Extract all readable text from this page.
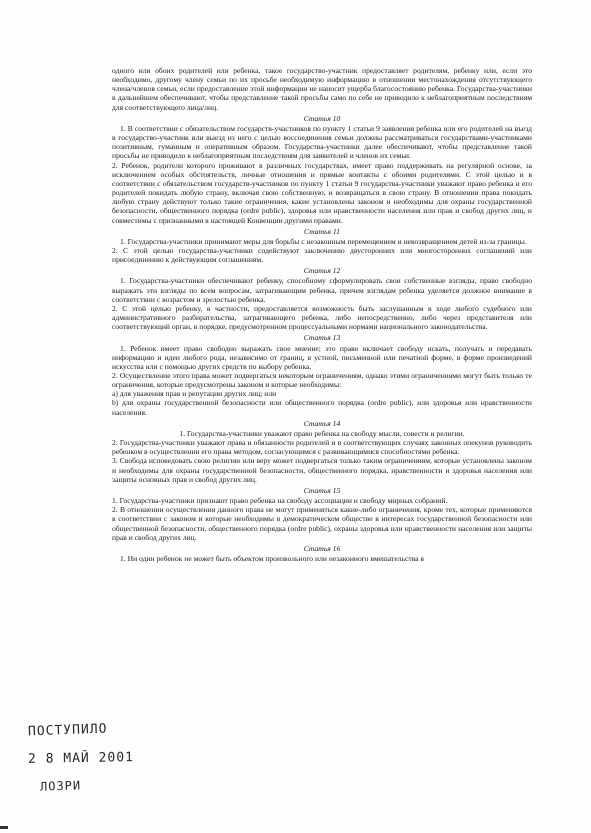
одного или обоих родителей или ребенка, такое государство-участник предоставляет родителям, ребенку или, если это необходимо, другому члену семьи по их просьбе необходимую информацию в отношении местонахождения отсутствующего члена/членов семьи, если предоставление этой информации не наносит ущерба благосостоянию ребенка. Государства-участники в дальнейшем обеспечивают, чтобы представление такой просьбы само по себе не приводило к неблагоприятным последствиям для соответствующего лица/лиц.

Статья 10

1. В соответствии с обязательством государств-участников по пункту 1 статьи 9 заявления ребенка или его родителей на въезд в государство-участник или выезд из него с целью воссоединения семьи должны рассматриваться государствами-участниками позитивным, гуманным и оперативным образом. Государства-участники далее обеспечивают, чтобы представление такой просьбы не приводило к неблагоприятным последствиям для заявителей и членов их семьи.

2. Ребенок, родители которого проживают в различных государствах, имеет право поддерживать на регулярной основе, за исключением особых обстоятельств, личные отношения и прямые контакты с обоими родителями. С этой целью и в соответствии с обязательством государств-участников по пункту 1 статьи 9 государства-участники уважают право ребенка и его родителей покидать любую страну, включая свою собственную, и возвращаться в свою страну. В отношении права покидать любую страну действуют только такие ограничения, какие установлены законом и необходимы для охраны государственной безопасности, общественного порядка (ordre public), здоровья или нравственности населения или прав и свобод других лиц, и совместимы с признанными в настоящей Конвенции другими правами.

Статья 11

1. Государства-участники принимают меры для борьбы с незаконным перемещением и невозвращением детей из-за границы.

2. С этой целью государства-участники содействуют заключению двусторонних или многосторонних соглашений или присоединению к действующим соглашениям.

Статья 12

1. Государства-участники обеспечивают ребенку, способному сформулировать свои собственные взгляды, право свободно выражать эти взгляды по всем вопросам, затрагивающим ребенка, причем взглядам ребенка уделяется должное внимание в соответствии с возрастом и зрелостью ребенка.

2. С этой целью ребенку, в частности, предоставляется возможность быть заслушанным в ходе любого судебного или административного разбирательства, затрагивающего ребенка, либо непосредственно, либо через представителя или соответствующий орган, в порядке, предусмотренном процессуальными нормами национального законодательства.

Статья 13

1. Ребенок имеет право свободно выражать свое мнение; это право включает свободу искать, получать и передавать информацию и идеи любого рода, независимо от границ, в устной, письменной или печатной форме, в форме произведений искусства или с помощью других средств по выбору ребенка.

2. Осуществление этого права может подвергаться некоторым ограничениям, однако этими ограничениями могут быть только те ограничения, которые предусмотрены законом и которые необходимы:

a) для уважения прав и репутации других лиц; или

b) для охраны государственной безопасности или общественного порядка (ordre public), или здоровья или нравственности населения.

Статья 14

1. Государства-участники уважают право ребенка на свободу мысли, совести и религии.

2. Государства-участники уважают права и обязанности родителей и в соответствующих случаях законных опекунов руководить ребенком в осуществлении его права методом, согласующимся с развивающимися способностями ребенка.

3. Свобода исповедовать свою религию или веру может подвергаться только таким ограничениям, которые установлены законом и необходимы для охраны государственной безопасности, общественного порядка, нравственности и здоровья населения или защиты основных прав и свобод других лиц.

Статья 15

1. Государства-участники признают право ребенка на свободу ассоциации и свободу мирных собраний.

2. В отношении осуществления данного права не могут применяться какие-либо ограничения, кроме тех, которые применяются в соответствии с законом и которые необходимы в демократическом обществе в интересах государственной безопасности или общественной безопасности, общественного порядка (ordre public), охраны здоровья или нравственности населения или защиты прав и свобод других лиц.

Статья 16

1. Ни один ребенок не может быть объектом произвольного или незаконного вмешательства в

ПОСТУПИЛО
2 8 МАЙ 2001
ЛОЗРИ
